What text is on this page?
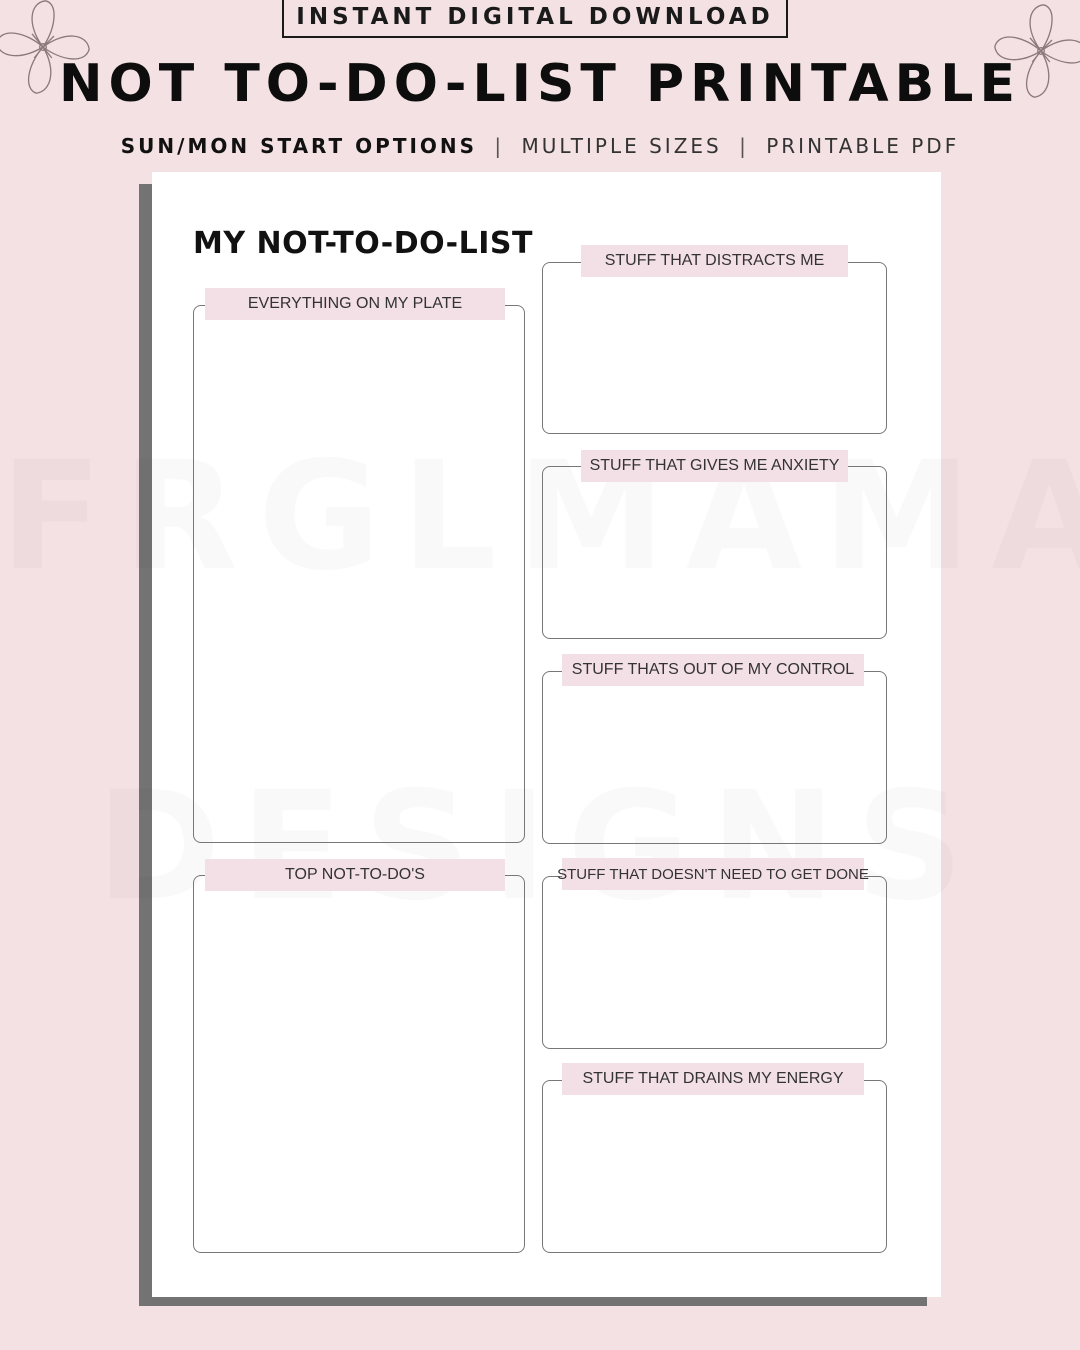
INSTANT DIGITAL DOWNLOAD
NOT TO-DO-LIST PRINTABLE
SUN/MON START OPTIONS | MULTIPLE SIZES | PRINTABLE PDF
MY NOT-TO-DO-LIST
EVERYTHING ON MY PLATE
TOP NOT-TO-DO'S
STUFF THAT DISTRACTS ME
STUFF THAT GIVES ME ANXIETY
STUFF THATS OUT OF MY CONTROL
STUFF THAT DOESN'T NEED TO GET DONE
STUFF THAT DRAINS MY ENERGY
